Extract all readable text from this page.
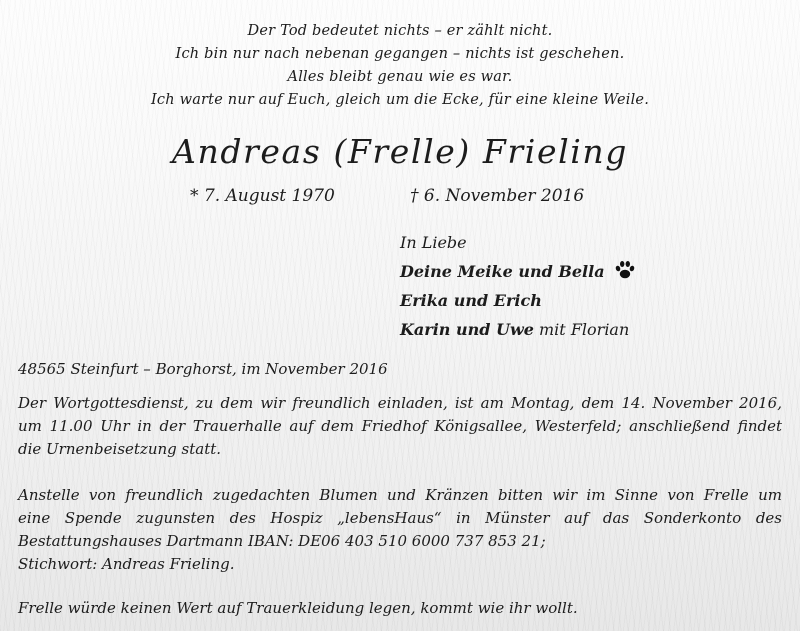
Der Tod bedeutet nichts – er zählt nicht.
Ich bin nur nach nebenan gegangen – nichts ist geschehen.
Alles bleibt genau wie es war.
Ich warte nur auf Euch, gleich um die Ecke, für eine kleine Weile.
Andreas (Frelle) Frieling
* 7. August 1970	† 6. November 2016
In Liebe
Deine Meike und Bella
Erika und Erich
Karin und Uwe mit Florian
48565 Steinfurt – Borghorst, im November 2016
Der Wortgottesdienst, zu dem wir freundlich einladen, ist am Montag, dem 14. November 2016,
um 11.00 Uhr in der Trauerhalle auf dem Friedhof Königsallee, Westerfeld; anschließend findet
die Urnenbeisetzung statt.
Anstelle von freundlich zugedachten Blumen und Kränzen bitten wir im Sinne von Frelle um
eine Spende zugunsten des Hospiz „lebensHaus“ in Münster auf das Sonderkonto des
Bestattungshauses Dartmann IBAN: DE06 403 510 6000 737 853 21;
Stichwort: Andreas Frieling.
Frelle würde keinen Wert auf Trauerkleidung legen, kommt wie ihr wollt.
